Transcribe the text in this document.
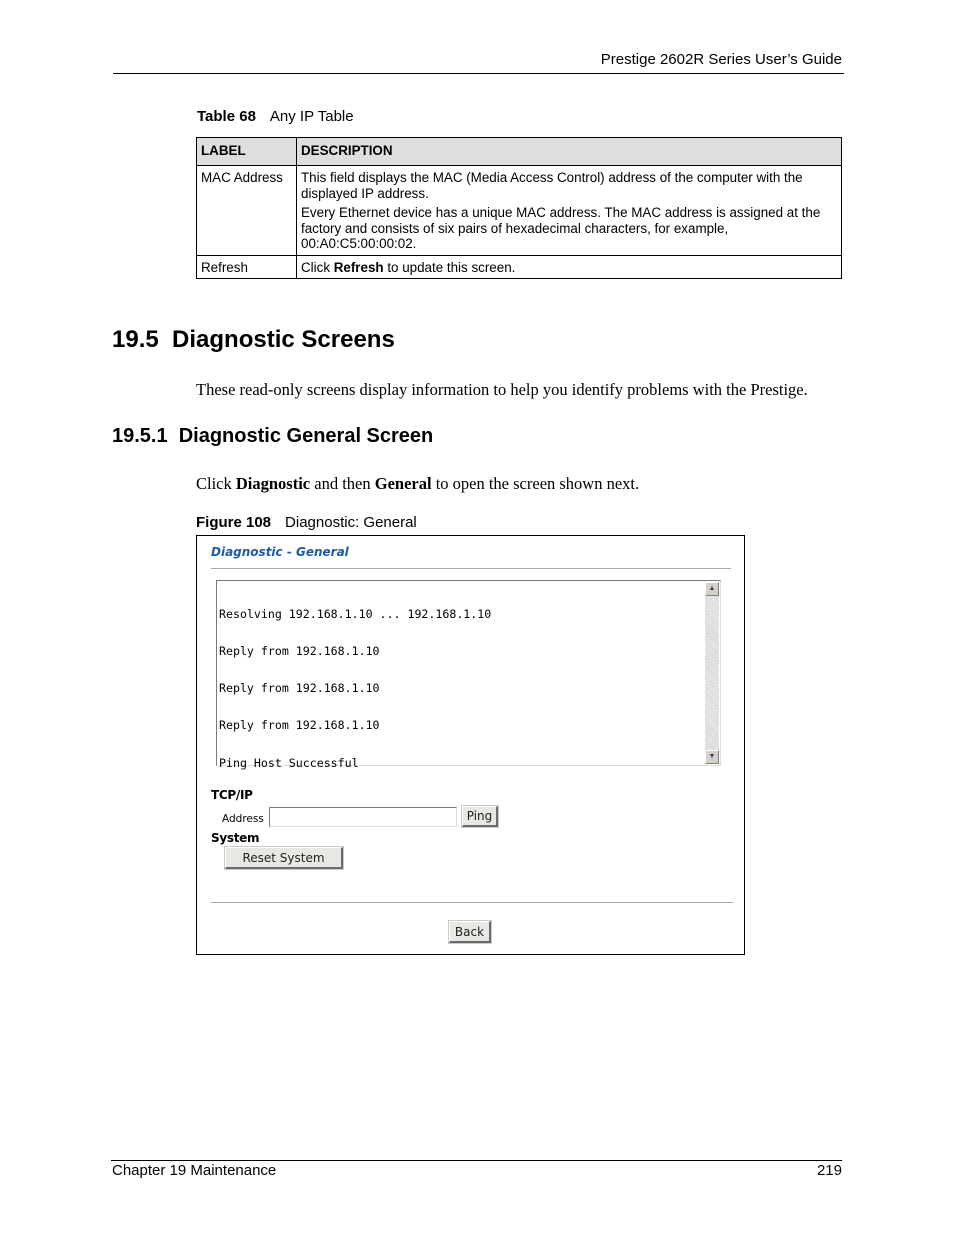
Prestige 2602R Series User’s Guide
Table 68 Any IP Table
LABEL	DESCRIPTION
MAC Address	This field displays the MAC (Media Access Control) address of the computer with the displayed IP address.

Every Ethernet device has a unique MAC address. The MAC address is assigned at the factory and consists of six pairs of hexadecimal characters, for example, 00:A0:C5:00:00:02.

Refresh	Click Refresh to update this screen.
19.5  Diagnostic Screens
These read-only screens display information to help you identify problems with the Prestige.
19.5.1  Diagnostic General Screen
Click Diagnostic and then General to open the screen shown next.
Figure 108 Diagnostic: General
Diagnostic - General

Resolving 192.168.1.10 ... 192.168.1.10

Reply from 192.168.1.10

Reply from 192.168.1.10

Reply from 192.168.1.10

Ping Host Successful

▲
▼
TCP/IP
Address	Ping
System
Reset System
Back
Chapter 19 Maintenance	219
